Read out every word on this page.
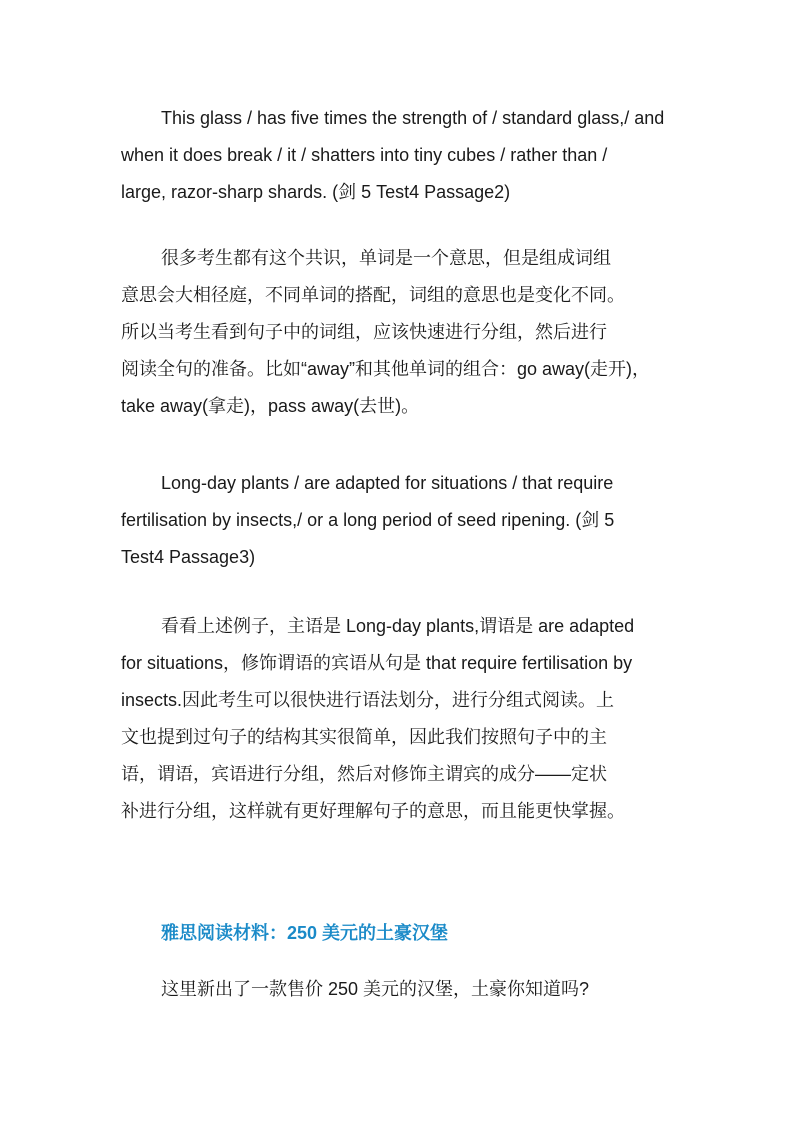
This glass / has five times the strength of / standard glass,/ and
when it does break / it / shatters into tiny cubes / rather than /
large, razor-sharp shards. (剑 5 Test4 Passage2)

很多考生都有这个共识，单词是一个意思，但是组成词组
意思会大相径庭，不同单词的搭配，词组的意思也是变化不同。
所以当考生看到句子中的词组，应该快速进行分组，然后进行
阅读全句的准备。比如“away”和其他单词的组合：go away(走开)，
take away(拿走)，pass away(去世)。

Long-day plants / are adapted for situations / that require
fertilisation by insects,/ or a long period of seed ripening. (剑 5
Test4 Passage3)

看看上述例子，主语是 Long-day plants,谓语是 are adapted
for situations，修饰谓语的宾语从句是 that require fertilisation by
insects.因此考生可以很快进行语法划分，进行分组式阅读。上
文也提到过句子的结构其实很简单，因此我们按照句子中的主
语，谓语，宾语进行分组，然后对修饰主谓宾的成分——定状
补进行分组，这样就有更好理解句子的意思，而且能更快掌握。

雅思阅读材料：250 美元的土豪汉堡

这里新出了一款售价 250 美元的汉堡，土豪你知道吗?
